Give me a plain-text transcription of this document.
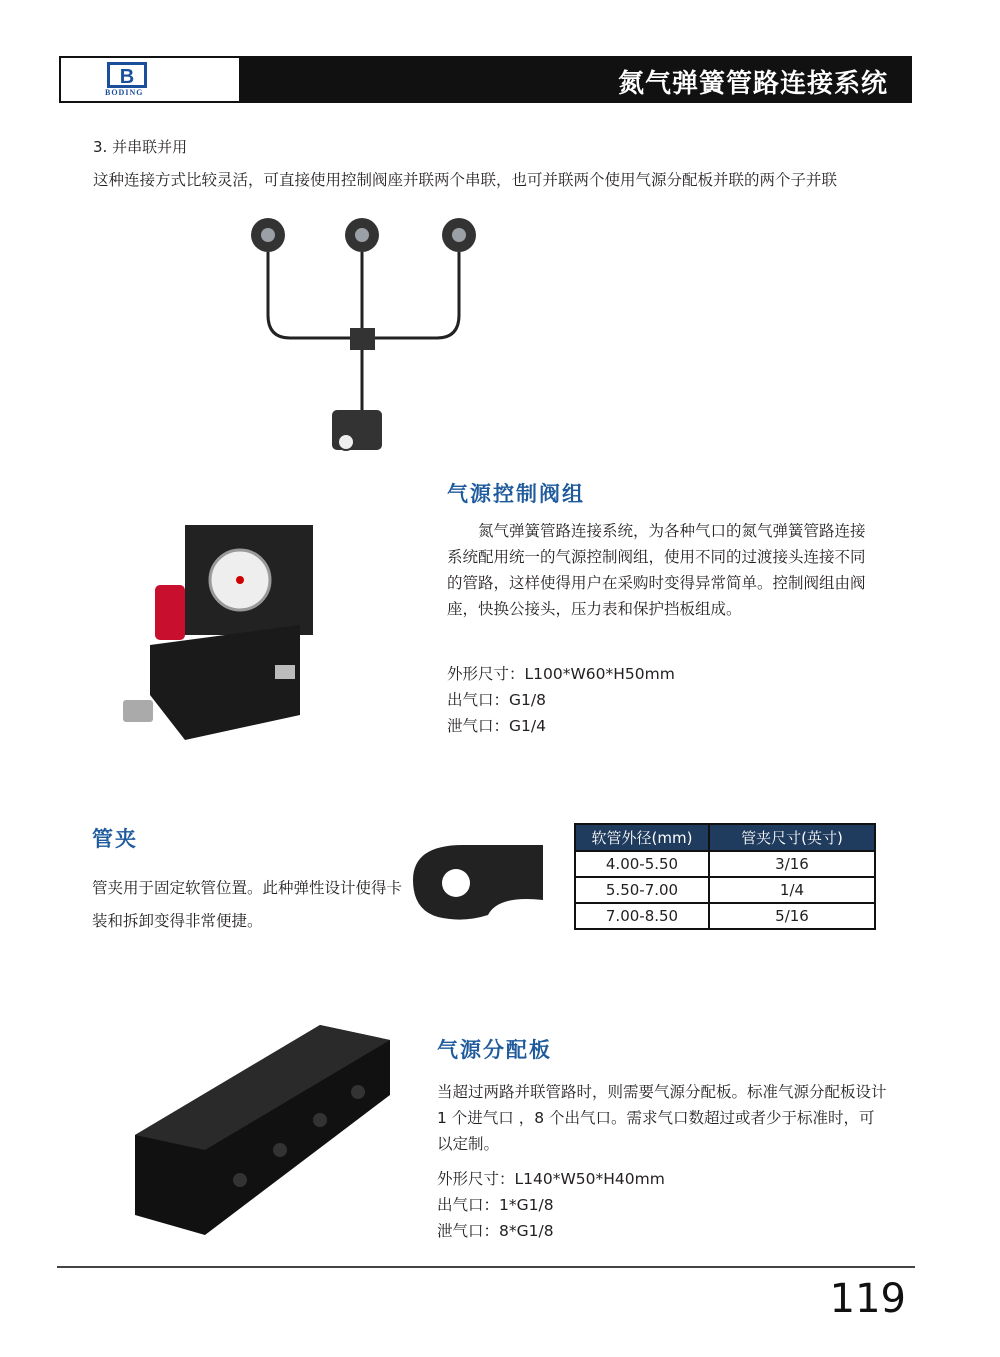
B
BODING	氮气弹簧管路连接系统
3. 并串联并用
这种连接方式比较灵活，可直接使用控制阀座并联两个串联，也可并联两个使用气源分配板并联的两个子并联
气源控制阀组
　　氮气弹簧管路连接系统，为各种气口的氮气弹簧管路连接系统配用统一的气源控制阀组，使用不同的过渡接头连接不同的管路，这样使得用户在采购时变得异常简单。控制阀组由阀座，快换公接头，压力表和保护挡板组成。
外形尺寸：L100*W60*H50mm
出气口：G1/8
泄气口：G1/4
管夹
管夹用于固定软管位置。此种弹性设计使得卡装和拆卸变得非常便捷。
软管外径(mm)	管夹尺寸(英寸)
4.00-5.50	3/16
5.50-7.00	1/4
7.00-8.50	5/16
气源分配板
当超过两路并联管路时，则需要气源分配板。标准气源分配板设计 1 个进气口 ，8 个出气口。需求气口数超过或者少于标准时，可以定制。
外形尺寸：L140*W50*H40mm
出气口：1*G1/8
泄气口：8*G1/8
119
